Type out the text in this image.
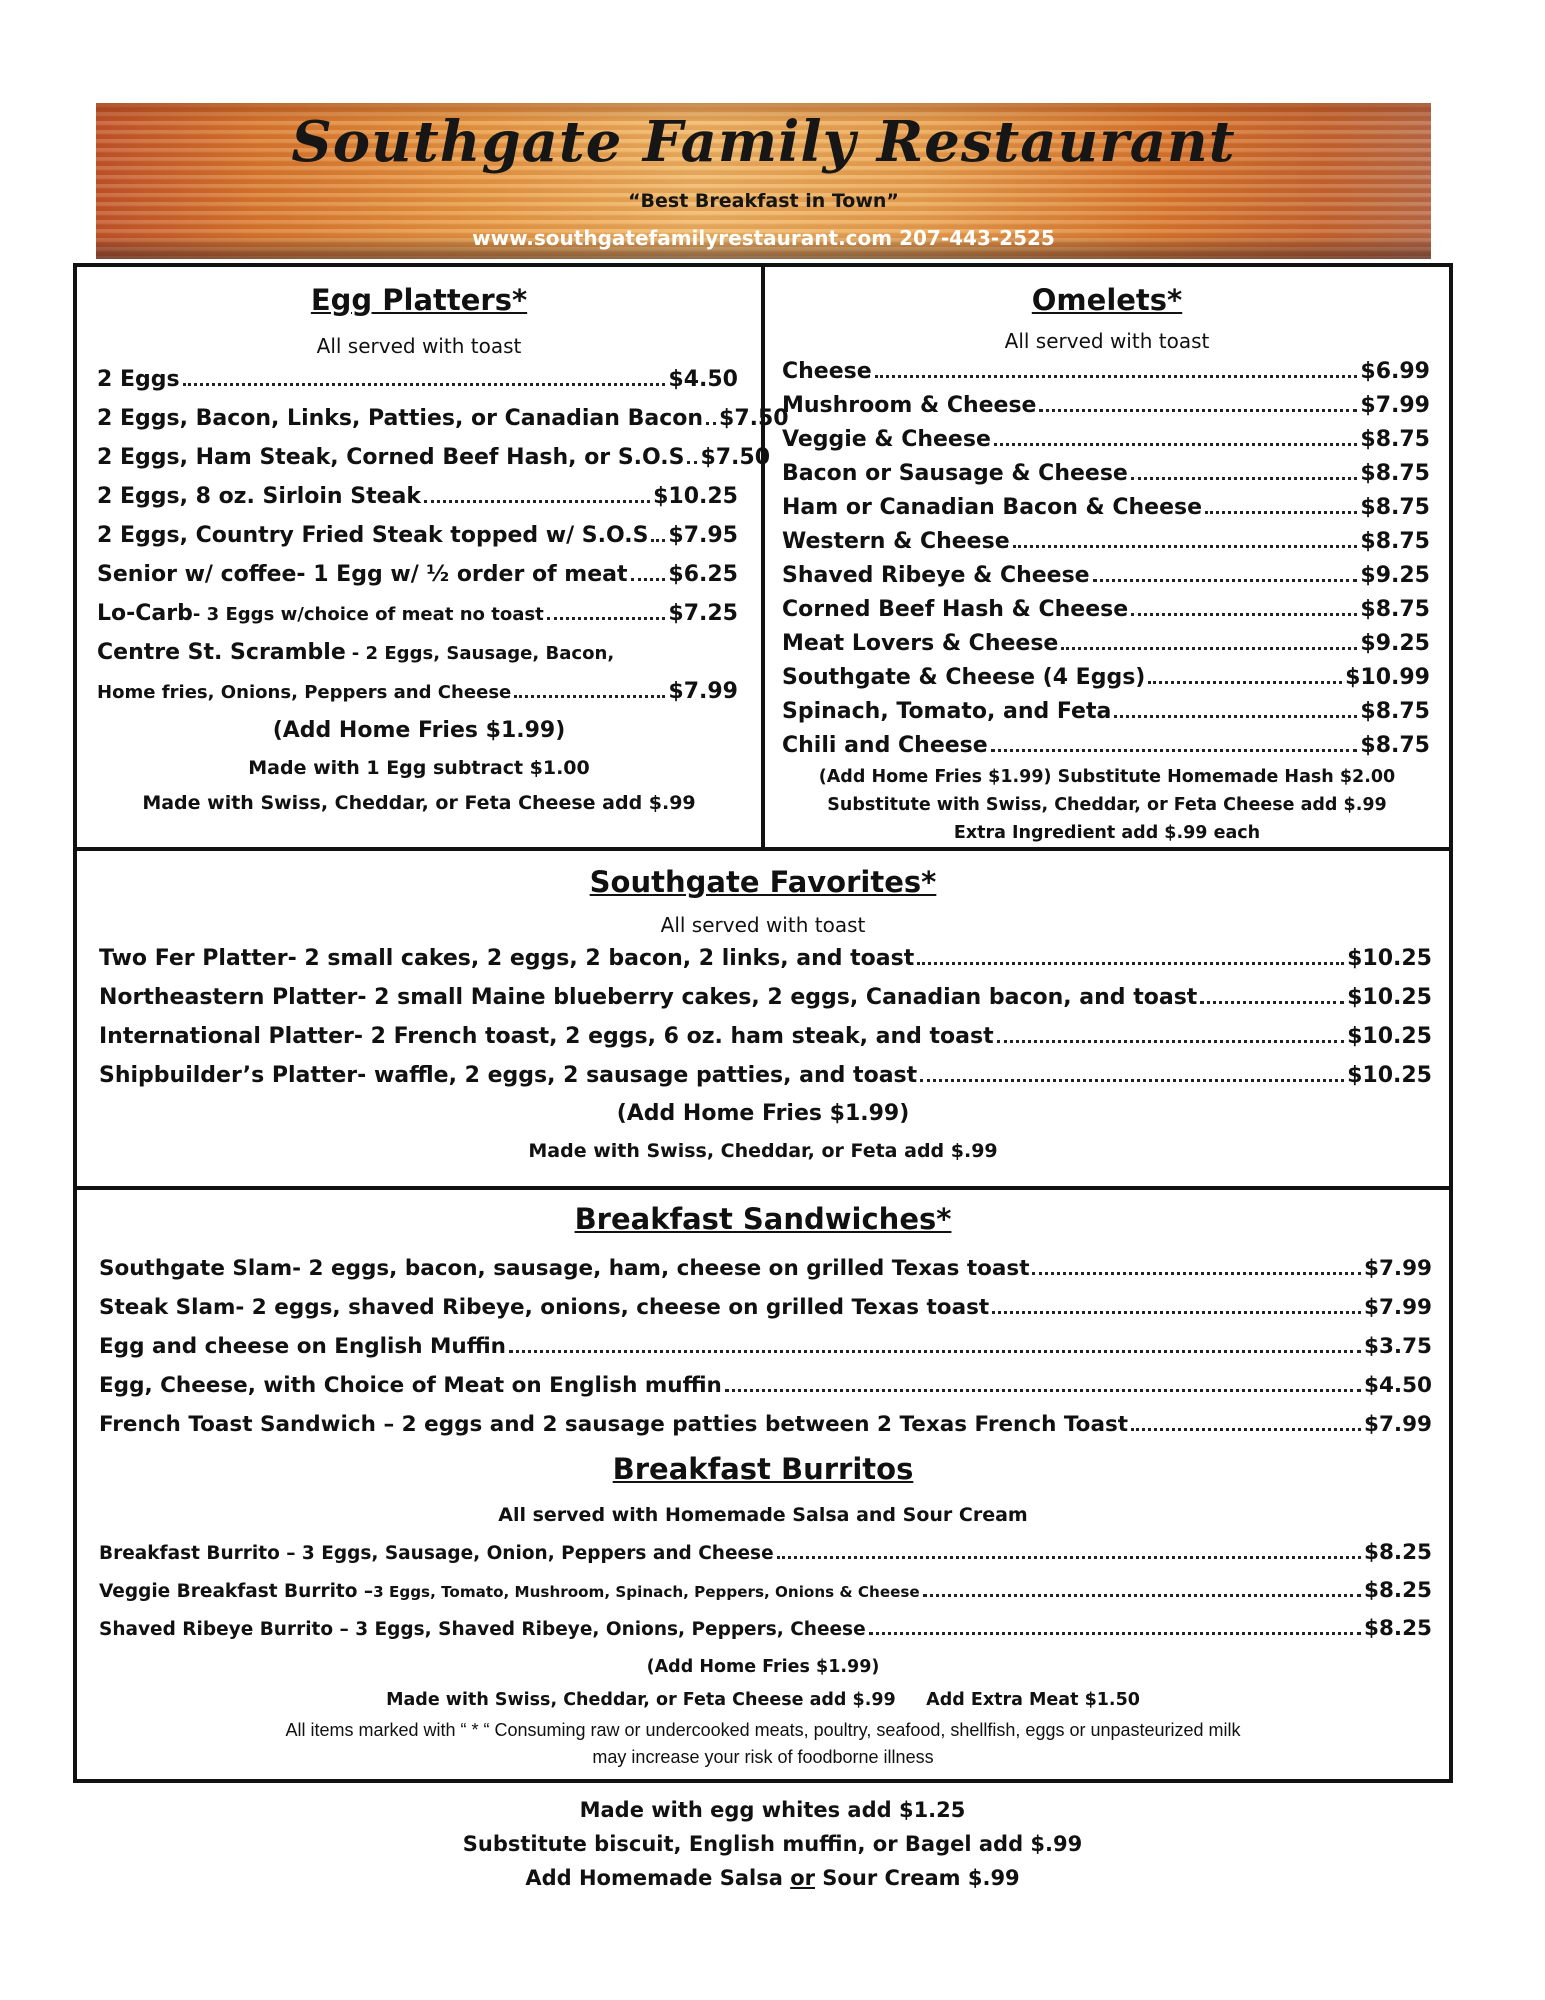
Southgate Family Restaurant
“Best Breakfast in Town”
www.southgatefamilyrestaurant.com 207-443-2525
Egg Platters*
All served with toast
2 Eggs	$4.50
2 Eggs, Bacon, Links, Patties, or Canadian Bacon $7.50
2 Eggs, Ham Steak, Corned Beef Hash, or S.O.S $7.50
2 Eggs, 8 oz. Sirloin Steak	$10.25
2 Eggs, Country Fried Steak topped w/ S.O.S $7.95
Senior w/ coffee- 1 Egg w/ ½ order of meat $6.25
Lo-Carb - 3 Eggs w/choice of meat no toast	$7.25
Centre St. Scramble - 2 Eggs, Sausage, Bacon,
Home fries, Onions, Peppers and Cheese	$7.99
(Add Home Fries $1.99)
Made with 1 Egg subtract $1.00
Made with Swiss, Cheddar, or Feta Cheese add $.99
Omelets*
All served with toast
Cheese	$6.99
Mushroom & Cheese	$7.99
Veggie & Cheese	$8.75
Bacon or Sausage & Cheese	$8.75
Ham or Canadian Bacon & Cheese	$8.75
Western & Cheese	$8.75
Shaved Ribeye & Cheese	$9.25
Corned Beef Hash & Cheese	$8.75
Meat Lovers & Cheese	$9.25
Southgate & Cheese (4 Eggs)	$10.99
Spinach, Tomato, and Feta	$8.75
Chili and Cheese	$8.75
(Add Home Fries $1.99) Substitute Homemade Hash $2.00
Substitute with Swiss, Cheddar, or Feta Cheese add $.99
Extra Ingredient add $.99 each
Southgate Favorites*
All served with toast
Two Fer Platter- 2 small cakes, 2 eggs, 2 bacon, 2 links, and toast	$10.25
Northeastern Platter- 2 small Maine blueberry cakes, 2 eggs, Canadian bacon, and toast	$10.25
International Platter- 2 French toast, 2 eggs, 6 oz. ham steak, and toast	$10.25
Shipbuilder’s Platter- waffle, 2 eggs, 2 sausage patties, and toast	$10.25
(Add Home Fries $1.99)
Made with Swiss, Cheddar, or Feta add $.99
Breakfast Sandwiches*
Southgate Slam- 2 eggs, bacon, sausage, ham, cheese on grilled Texas toast	$7.99
Steak Slam- 2 eggs, shaved Ribeye, onions, cheese on grilled Texas toast	$7.99
Egg and cheese on English Muffin	$3.75
Egg, Cheese, with Choice of Meat on English muffin	$4.50
French Toast Sandwich – 2 eggs and 2 sausage patties between 2 Texas French Toast	$7.99
Breakfast Burritos
All served with Homemade Salsa and Sour Cream
Breakfast Burrito – 3 Eggs, Sausage, Onion, Peppers and Cheese	$8.25
Veggie Breakfast Burrito – 3 Eggs, Tomato, Mushroom, Spinach, Peppers, Onions & Cheese	$8.25
Shaved Ribeye Burrito – 3 Eggs, Shaved Ribeye, Onions, Peppers, Cheese	$8.25
(Add Home Fries $1.99)
Made with Swiss, Cheddar, or Feta Cheese add $.99     Add Extra Meat $1.50
All items marked with “ * “ Consuming raw or undercooked meats, poultry, seafood, shellfish, eggs or unpasteurized milk
may increase your risk of foodborne illness
Made with egg whites add $1.25
Substitute biscuit, English muffin, or Bagel add $.99
Add Homemade Salsa or Sour Cream $.99
